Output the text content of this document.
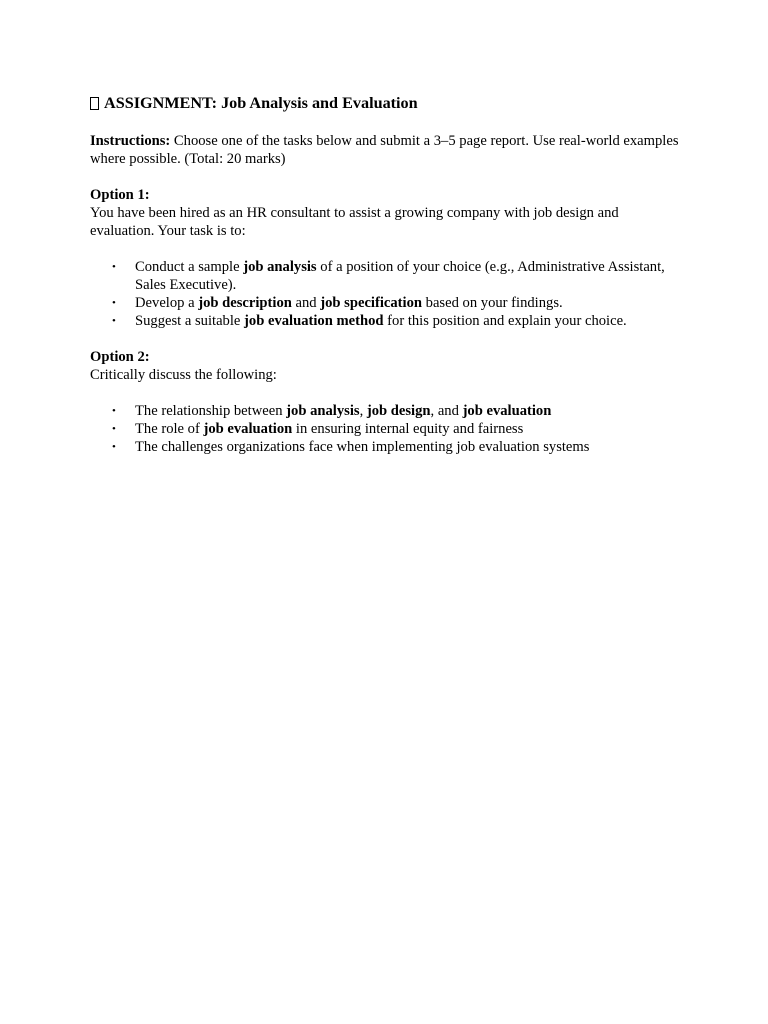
ASSIGNMENT: Job Analysis and Evaluation

Instructions: Choose one of the tasks below and submit a 3–5 page report. Use real-world examples where possible. (Total: 20 marks)

Option 1:

You have been hired as an HR consultant to assist a growing company with job design and evaluation. Your task is to:

• Conduct a sample job analysis of a position of your choice (e.g., Administrative Assistant, Sales Executive).
• Develop a job description and job specification based on your findings.
• Suggest a suitable job evaluation method for this position and explain your choice.

Option 2:

Critically discuss the following:

• The relationship between job analysis, job design, and job evaluation
• The role of job evaluation in ensuring internal equity and fairness
• The challenges organizations face when implementing job evaluation systems
